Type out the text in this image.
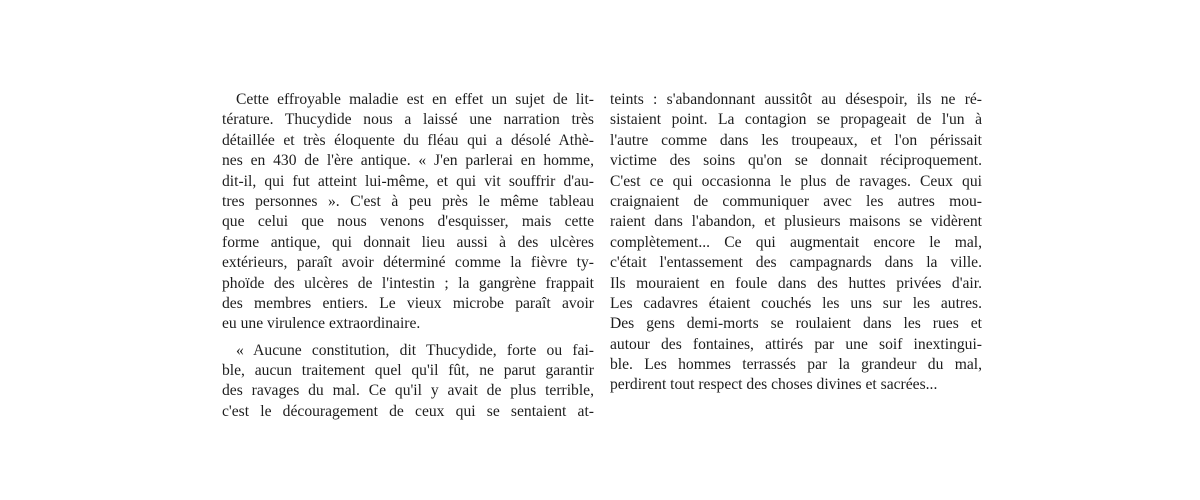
Cette effroyable maladie est en effet un sujet de lit-
térature. Thucydide nous a laissé une narration très
détaillée et très éloquente du fléau qui a désolé Athè-
nes en 430 de l'ère antique. « J'en parlerai en homme,
dit-il, qui fut atteint lui-même, et qui vit souffrir d'au-
tres personnes ». C'est à peu près le même tableau
que celui que nous venons d'esquisser, mais cette
forme antique, qui donnait lieu aussi à des ulcères
extérieurs, paraît avoir déterminé comme la fièvre ty-
phoïde des ulcères de l'intestin ; la gangrène frappait
des membres entiers. Le vieux microbe paraît avoir
eu une virulence extraordinaire.
« Aucune constitution, dit Thucydide, forte ou fai-
ble, aucun traitement quel qu'il fût, ne parut garantir
des ravages du mal. Ce qu'il y avait de plus terrible,
c'est le découragement de ceux qui se sentaient at-
teints : s'abandonnant aussitôt au désespoir, ils ne ré-
sistaient point. La contagion se propageait de l'un à
l'autre comme dans les troupeaux, et l'on périssait
victime des soins qu'on se donnait réciproquement.
C'est ce qui occasionna le plus de ravages. Ceux qui
craignaient de communiquer avec les autres mou-
raient dans l'abandon, et plusieurs maisons se vidèrent
complètement... Ce qui augmentait encore le mal,
c'était l'entassement des campagnards dans la ville.
Ils mouraient en foule dans des huttes privées d'air.
Les cadavres étaient couchés les uns sur les autres.
Des gens demi-morts se roulaient dans les rues et
autour des fontaines, attirés par une soif inextingui-
ble. Les hommes terrassés par la grandeur du mal,
perdirent tout respect des choses divines et sacrées...
